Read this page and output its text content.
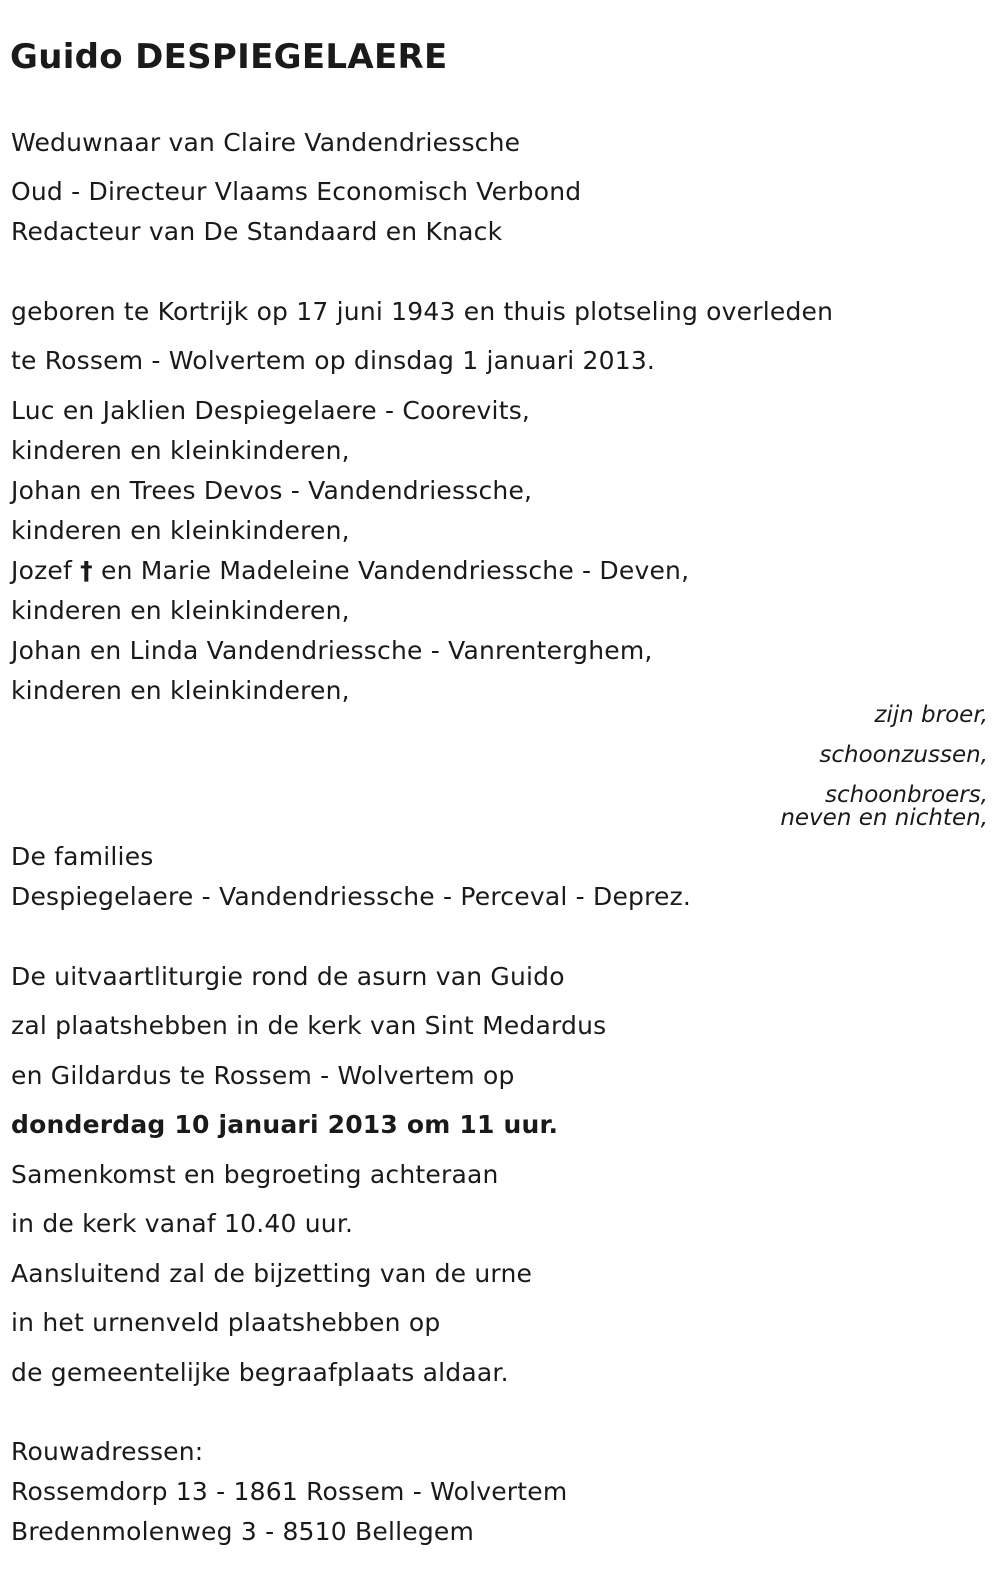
Guido DESPIEGELAERE
Weduwnaar van Claire Vandendriessche
Oud - Directeur Vlaams Economisch Verbond
Redacteur van De Standaard en Knack
geboren te Kortrijk op 17 juni 1943 en thuis plotseling overleden
te Rossem - Wolvertem op dinsdag 1 januari 2013.
Luc en Jaklien Despiegelaere - Coorevits,
kinderen en kleinkinderen,
Johan en Trees Devos - Vandendriessche,
kinderen en kleinkinderen,
Jozef † en Marie Madeleine Vandendriessche - Deven,
kinderen en kleinkinderen,
Johan en Linda Vandendriessche - Vanrenterghem,
kinderen en kleinkinderen,
zijn broer,
schoonzussen,
schoonbroers,
neven en nichten,
De families
Despiegelaere - Vandendriessche - Perceval - Deprez.
De uitvaartliturgie rond de asurn van Guido
zal plaatshebben in de kerk van Sint Medardus
en Gildardus te Rossem - Wolvertem op
donderdag 10 januari 2013 om 11 uur.
Samenkomst en begroeting achteraan
in de kerk vanaf 10.40 uur.
Aansluitend zal de bijzetting van de urne
in het urnenveld plaatshebben op
de gemeentelijke begraafplaats aldaar.
Rouwadressen:
Rossemdorp 13 - 1861 Rossem - Wolvertem
Bredenmolenweg 3 - 8510 Bellegem
